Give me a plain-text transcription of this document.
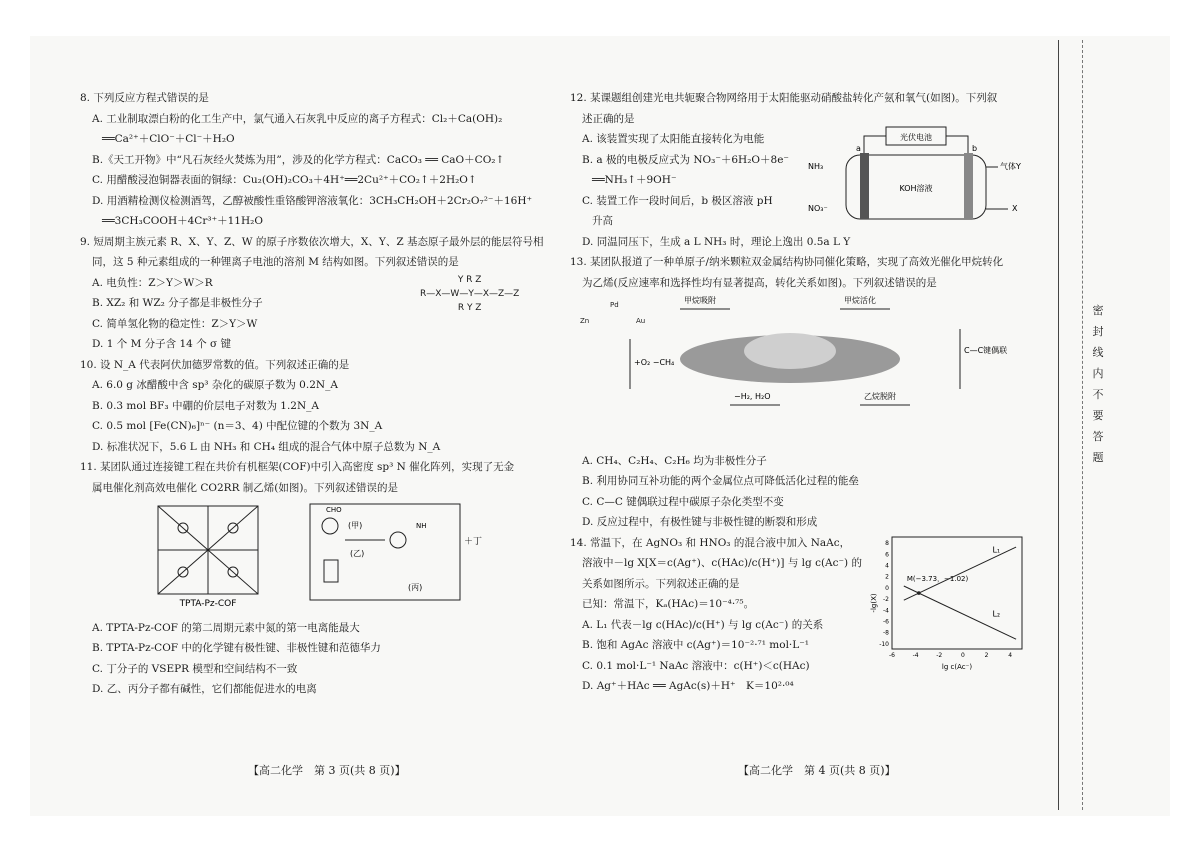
密
封
线
内
不
要
答
题

8. 下列反应方程式错误的是

A. 工业制取漂白粉的化工生产中，氯气通入石灰乳中反应的离子方程式：Cl₂＋Ca(OH)₂

══Ca²⁺＋ClO⁻＋Cl⁻＋H₂O

B.《天工开物》中“凡石灰经火焚炼为用”，涉及的化学方程式：CaCO₃ ══ CaO＋CO₂↑

C. 用醋酸浸泡铜器表面的铜绿：Cu₂(OH)₂CO₃＋4H⁺══2Cu²⁺＋CO₂↑＋2H₂O↑

D. 用酒精检测仪检测酒驾，乙醇被酸性重铬酸钾溶液氧化：3CH₃CH₂OH＋2Cr₂O₇²⁻＋16H⁺

══3CH₃COOH＋4Cr³⁺＋11H₂O

9. 短周期主族元素 R、X、Y、Z、W 的原子序数依次增大，X、Y、Z 基态原子最外层的能层符号相

同，这 5 种元素组成的一种锂离子电池的溶剂 M 结构如图。下列叙述错误的是

A. 电负性：Z＞Y＞W＞R

B. XZ₂ 和 WZ₂ 分子都是非极性分子

C. 简单氢化物的稳定性：Z＞Y＞W

D. 1 个 M 分子含 14 个 σ 键

Y R Z
R—X—W—Y—X—Z—Z
R Y Z

10. 设 N_A 代表阿伏加德罗常数的值。下列叙述正确的是

A. 6.0 g 冰醋酸中含 sp³ 杂化的碳原子数为 0.2N_A

B. 0.3 mol BF₃ 中硼的价层电子对数为 1.2N_A

C. 0.5 mol [Fe(CN)₆]ⁿ⁻ (n＝3、4) 中配位键的个数为 3N_A

D. 标准状况下，5.6 L 由 NH₃ 和 CH₄ 组成的混合气体中原子总数为 N_A

11. 某团队通过连接键工程在共价有机框架(COF)中引入高密度 sp³ N 催化阵列，实现了无金

属电催化剂高效电催化 CO2RR 制乙烯(如图)。下列叙述错误的是

TPTA-Pz-COF
CHO
(甲)
(乙)
NH
(丙)
＋丁

A. TPTA-Pz-COF 的第二周期元素中氮的第一电离能最大

B. TPTA-Pz-COF 中的化学键有极性键、非极性键和范德华力

C. 丁分子的 VSEPR 模型和空间结构不一致

D. 乙、丙分子都有碱性，它们都能促进水的电离

12. 某课题组创建光电共轭聚合物网络用于太阳能驱动硝酸盐转化产氨和氧气(如图)。下列叙

述正确的是

A. 该装置实现了太阳能直接转化为电能

B. a 极的电极反应式为 NO₃⁻＋6H₂O＋8e⁻

══NH₃↑＋9OH⁻

C. 装置工作一段时间后，b 极区溶液 pH

升高

D. 同温同压下，生成 a L NH₃ 时，理论上逸出 0.5a L Y

光伏电池
a	b
KOH溶液
NH₃
NO₃⁻
气体Y
X

13. 某团队报道了一种单原子/纳米颗粒双金属结构协同催化策略，实现了高效光催化甲烷转化

为乙烯(反应速率和选择性均有显著提高，转化关系如图)。下列叙述错误的是

Zn
Pd
Au
甲烷吸附	甲烷活化
C—C键偶联
乙烷脱附
−H₂, H₂O
+O₂ −CH₄

A. CH₄、C₂H₄、C₂H₆ 均为非极性分子

B. 利用协同互补功能的两个金属位点可降低活化过程的能垒

C. C—C 键偶联过程中碳原子杂化类型不变

D. 反应过程中，有极性键与非极性键的断裂和形成

14. 常温下，在 AgNO₃ 和 HNO₃ 的混合液中加入 NaAc，

溶液中－lg X[X＝c(Ag⁺)、c(HAc)/c(H⁺)] 与 lg c(Ac⁻) 的

关系如图所示。下列叙述正确的是

已知：常温下，Kₐ(HAc)＝10⁻⁴·⁷⁵。

A. L₁ 代表－lg c(HAc)/c(H⁺) 与 lg c(Ac⁻) 的关系

B. 饱和 AgAc 溶液中 c(Ag⁺)＝10⁻²·⁷¹ mol·L⁻¹

C. 0.1 mol·L⁻¹ NaAc 溶液中：c(H⁺)＜c(HAc)

D. Ag⁺＋HAc ══ AgAc(s)＋H⁺　K＝10²·⁰⁴

8
6
4
2
0
-2
-4
-6
-8
-10
-6	-4	-2	0	2	4
M(−3.73，−1.02)
L₁
L₂
-lg(X)
lg c(Ac⁻)
【高二化学　第 3 页(共 8 页)】	【高二化学　第 4 页(共 8 页)】
